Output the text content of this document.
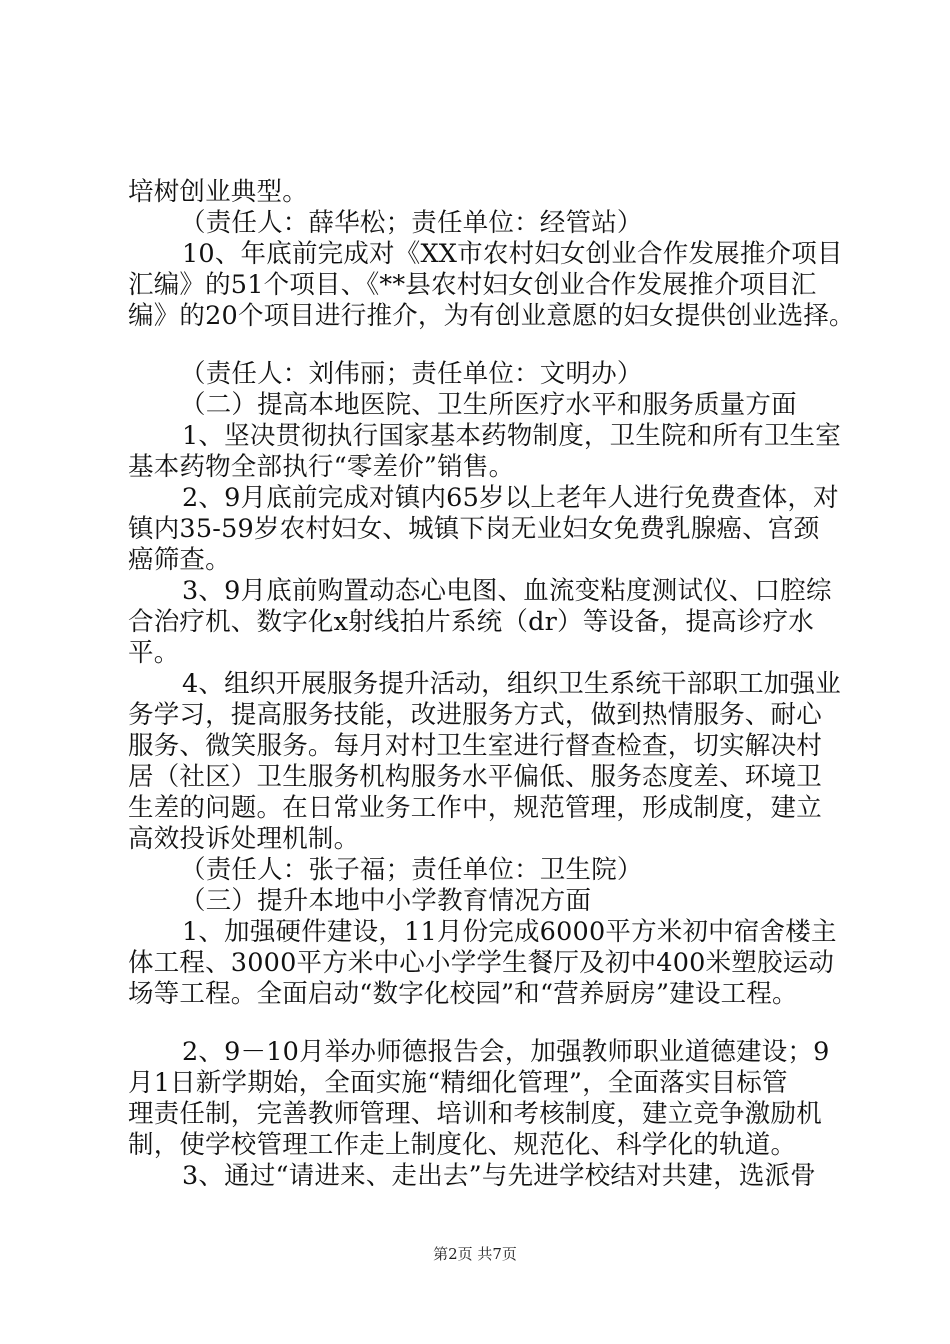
培树创业典型。
（责任人：薛华松；责任单位：经管站）
10、年底前完成对《XX市农村妇女创业合作发展推介项目
汇编》的51个项目、《**县农村妇女创业合作发展推介项目汇
编》的20个项目进行推介，为有创业意愿的妇女提供创业选择。
（责任人：刘伟丽；责任单位：文明办）
（二）提高本地医院、卫生所医疗水平和服务质量方面
1、坚决贯彻执行国家基本药物制度，卫生院和所有卫生室
基本药物全部执行“零差价”销售。
2、9月底前完成对镇内65岁以上老年人进行免费查体，对
镇内35-59岁农村妇女、城镇下岗无业妇女免费乳腺癌、宫颈
癌筛查。
3、9月底前购置动态心电图、血流变粘度测试仪、口腔综
合治疗机、数字化x射线拍片系统（dr）等设备，提高诊疗水
平。
4、组织开展服务提升活动，组织卫生系统干部职工加强业
务学习，提高服务技能，改进服务方式，做到热情服务、耐心
服务、微笑服务。每月对村卫生室进行督查检查，切实解决村
居（社区）卫生服务机构服务水平偏低、服务态度差、环境卫
生差的问题。在日常业务工作中，规范管理，形成制度，建立
高效投诉处理机制。
（责任人：张子福；责任单位：卫生院）
（三）提升本地中小学教育情况方面
1、加强硬件建设，11月份完成6000平方米初中宿舍楼主
体工程、3000平方米中心小学学生餐厅及初中400米塑胶运动
场等工程。全面启动“数字化校园”和“营养厨房”建设工程。
2、9－10月举办师德报告会，加强教师职业道德建设；9
月1日新学期始，全面实施“精细化管理”，全面落实目标管
理责任制，完善教师管理、培训和考核制度，建立竞争激励机
制，使学校管理工作走上制度化、规范化、科学化的轨道。
3、通过“请进来、走出去”与先进学校结对共建，选派骨
第2页 共7页
